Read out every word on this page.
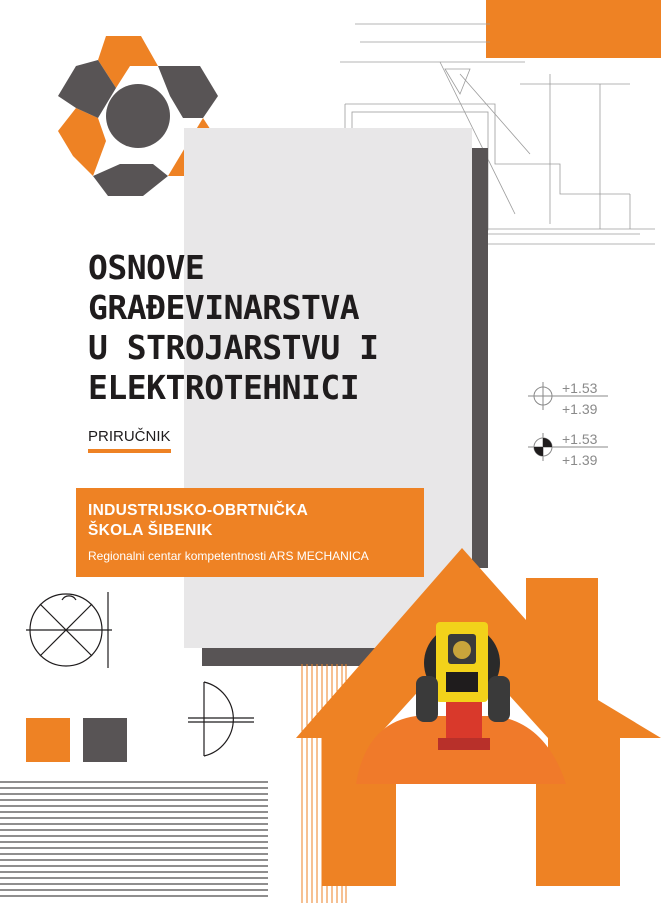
OSNOVE
GRAĐEVINARSTVA
U STROJARSTVU I
ELEKTROTEHNICI
PRIRUČNIK
INDUSTRIJSKO-OBRTNIČKA
ŠKOLA ŠIBENIK
Regionalni centar kompetentnosti ARS MECHANICA
+1.53
+1.39
+1.53
+1.39
